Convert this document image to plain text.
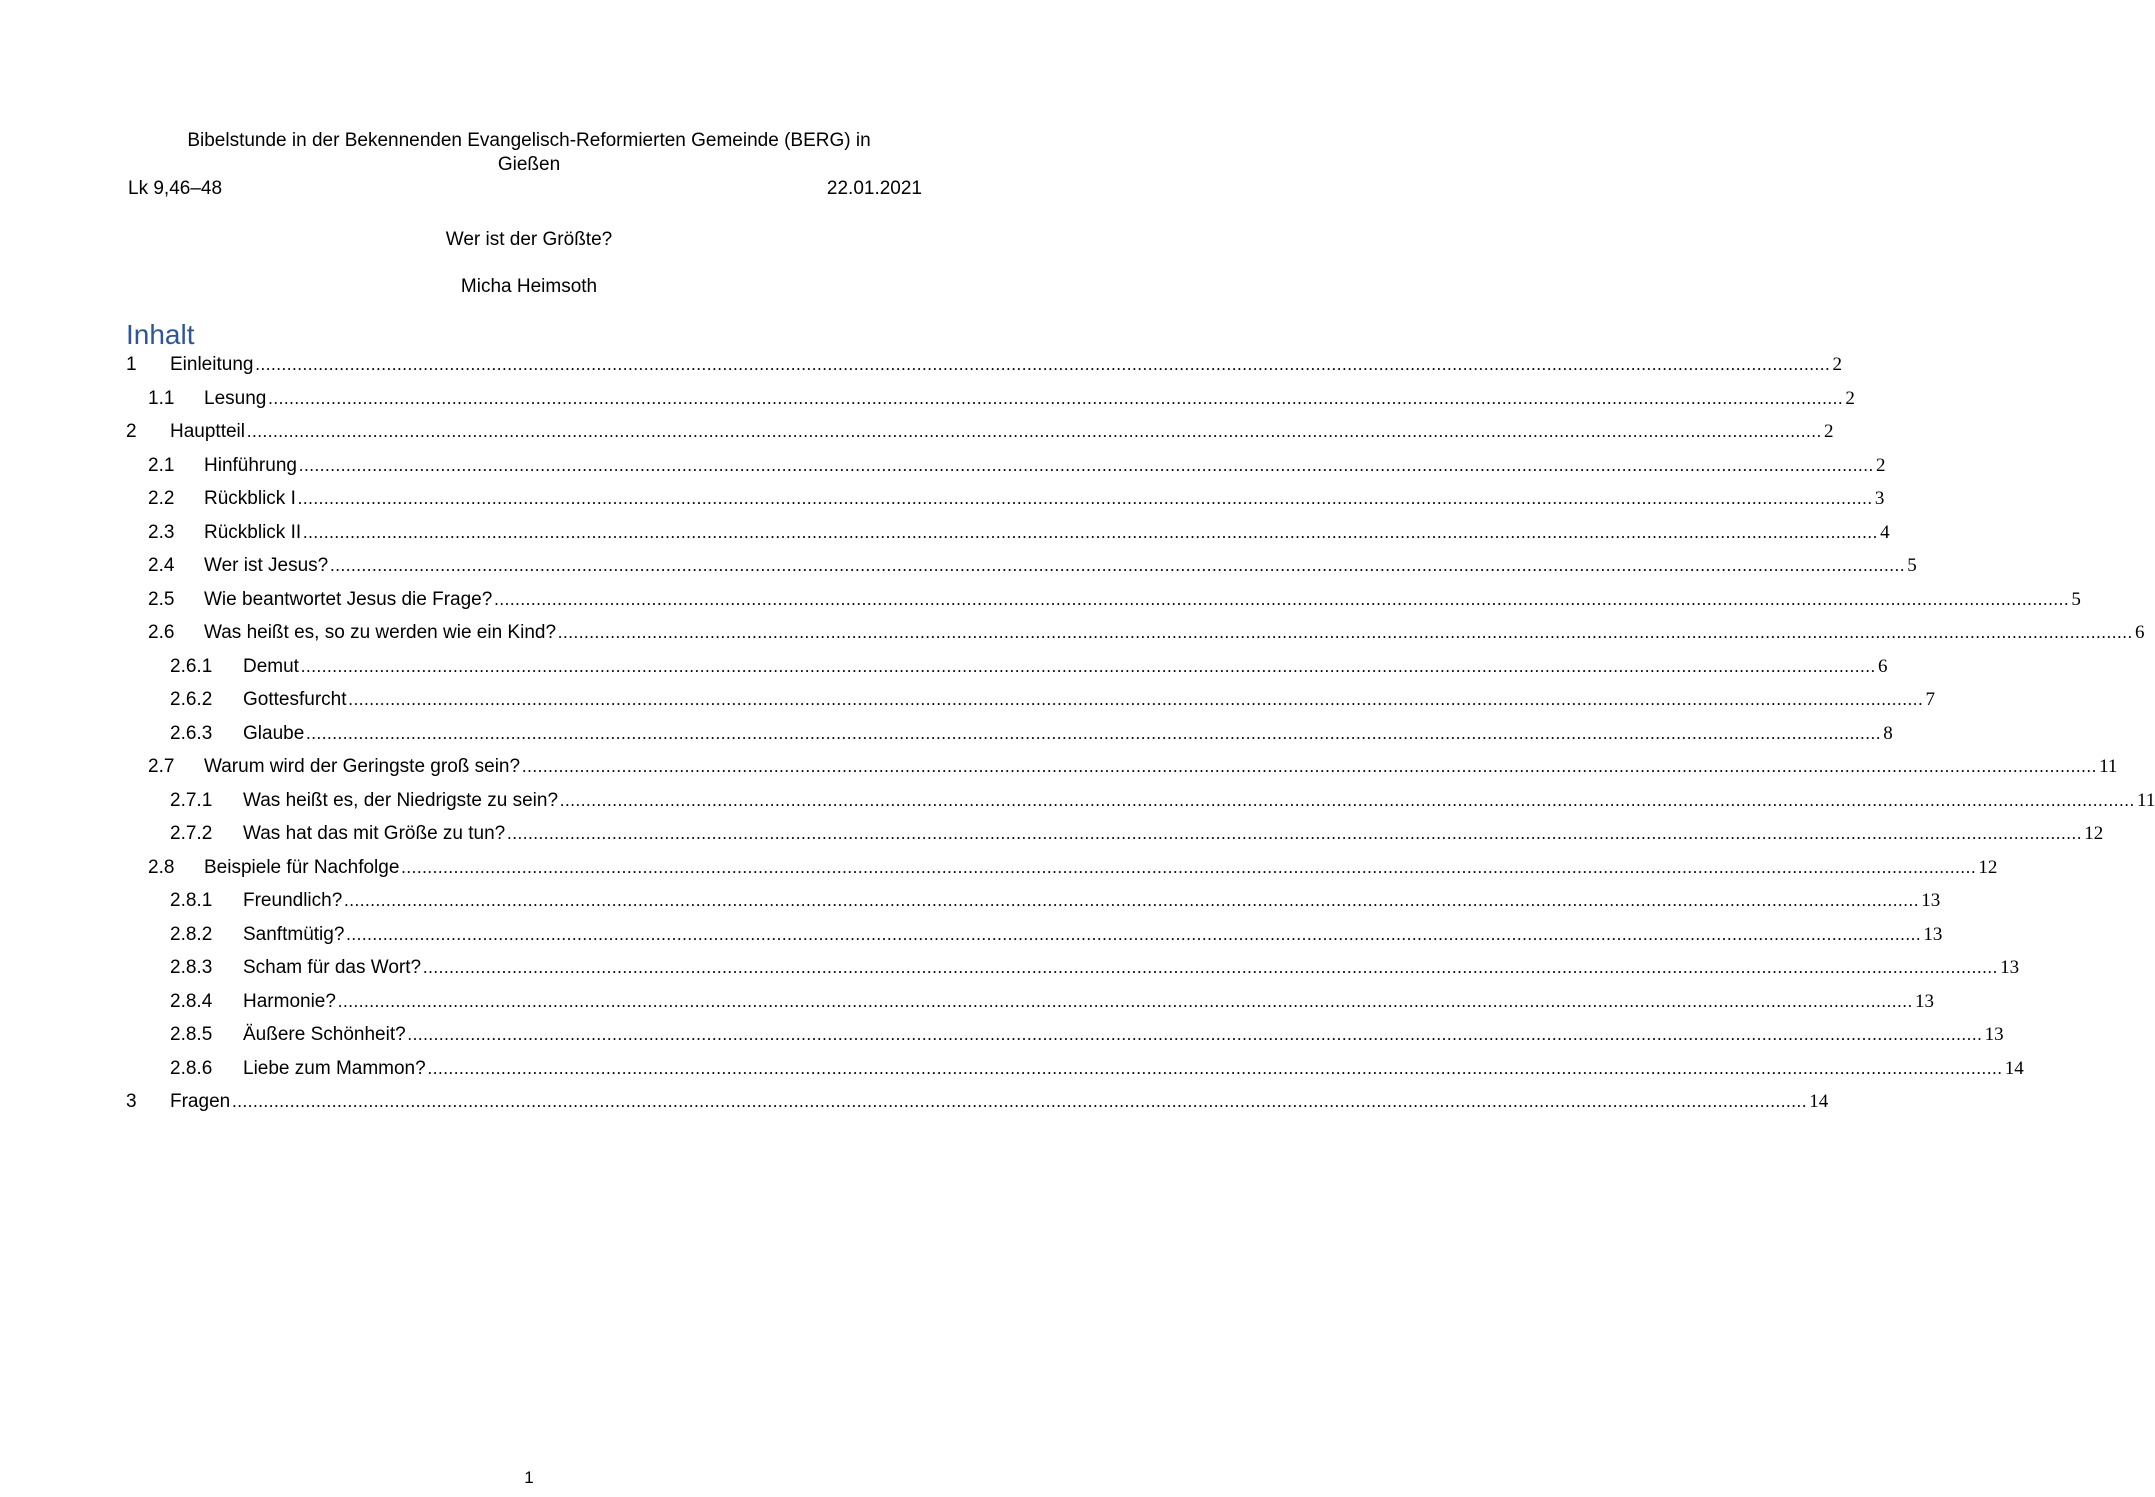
Bibelstunde in der Bekennenden Evangelisch-Reformierten Gemeinde (BERG) in
Gießen
Lk 9,46–48	22.01.2021
Wer ist der Größte?
Micha Heimsoth
Inhalt
1 Einleitung ............................................................................................................................................................................................................................................................................................................ 2
1.1 Lesung ............................................................................................................................................................................................................................................................................................................ 2
2 Hauptteil ............................................................................................................................................................................................................................................................................................................ 2
2.1 Hinführung ............................................................................................................................................................................................................................................................................................................ 2
2.2 Rückblick I ............................................................................................................................................................................................................................................................................................................ 3
2.3 Rückblick II ............................................................................................................................................................................................................................................................................................................ 4
2.4 Wer ist Jesus? ............................................................................................................................................................................................................................................................................................................ 5
2.5 Wie beantwortet Jesus die Frage? ............................................................................................................................................................................................................................................................................................................ 5
2.6 Was heißt es, so zu werden wie ein Kind? ............................................................................................................................................................................................................................................................................................................ 6
2.6.1 Demut ............................................................................................................................................................................................................................................................................................................ 6
2.6.2 Gottesfurcht ............................................................................................................................................................................................................................................................................................................ 7
2.6.3 Glaube ............................................................................................................................................................................................................................................................................................................ 8
2.7 Warum wird der Geringste groß sein? ............................................................................................................................................................................................................................................................................................................ 11
2.7.1 Was heißt es, der Niedrigste zu sein? ............................................................................................................................................................................................................................................................................................................ 11
2.7.2 Was hat das mit Größe zu tun? ............................................................................................................................................................................................................................................................................................................ 12
2.8 Beispiele für Nachfolge ............................................................................................................................................................................................................................................................................................................ 12
2.8.1 Freundlich? ............................................................................................................................................................................................................................................................................................................ 13
2.8.2 Sanftmütig? ............................................................................................................................................................................................................................................................................................................ 13
2.8.3 Scham für das Wort? ............................................................................................................................................................................................................................................................................................................ 13
2.8.4 Harmonie? ............................................................................................................................................................................................................................................................................................................ 13
2.8.5 Äußere Schönheit? ............................................................................................................................................................................................................................................................................................................ 13
2.8.6 Liebe zum Mammon? ............................................................................................................................................................................................................................................................................................................ 14
3 Fragen ............................................................................................................................................................................................................................................................................................................ 14
1
